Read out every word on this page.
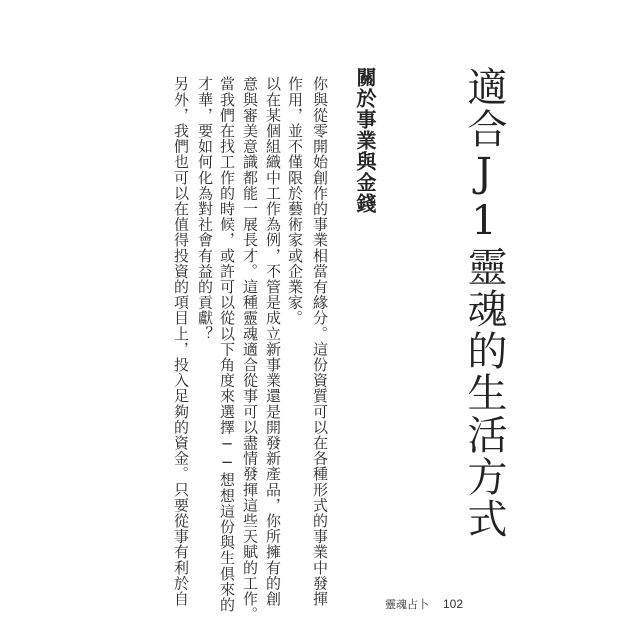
適合J1靈魂的生活方式
關於事業與金錢

你與從零開始創作的事業相當有緣分。這份資質可以在各種形式的事業中發揮

作用，並不僅限於藝術家或企業家。

以在某個組織中工作為例，不管是成立新事業還是開發新產品，你所擁有的創

意與審美意識都能一展長才。這種靈魂適合從事可以盡情發揮這些天賦的工作。

當我們在找工作的時候，或許可以從以下角度來選擇──想想這份與生俱來的

才華，要如何化為對社會有益的貢獻？

另外，我們也可以在值得投資的項目上，投入足夠的資金。只要從事有利於自	靈魂占卜 102
